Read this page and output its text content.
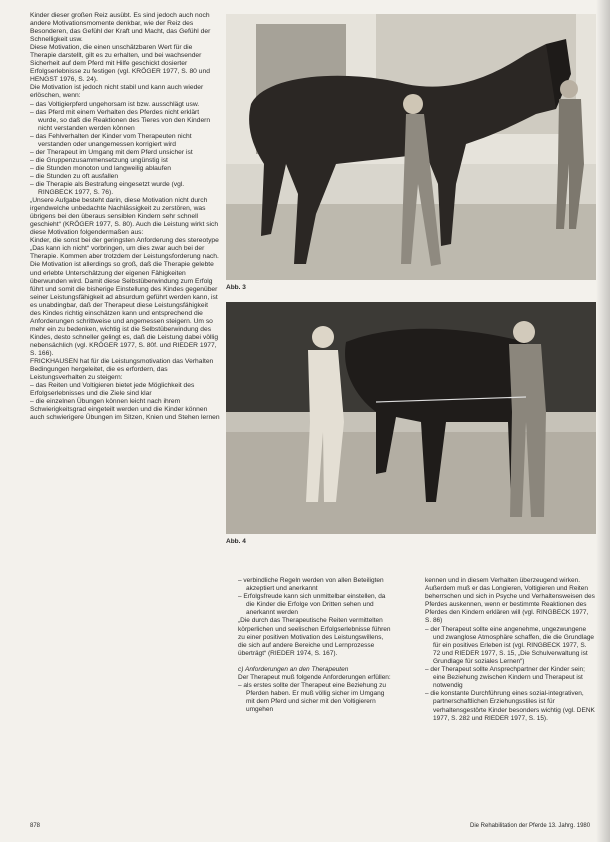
Kinder dieser großen Reiz ausübt. Es sind jedoch auch noch andere Motivationsmomente denkbar, wie der Reiz des Besonderen, das Gefühl der Kraft und Macht, das Gefühl der Schnelligkeit usw.

Diese Motivation, die einen unschätzbaren Wert für die Therapie darstellt, gilt es zu erhalten, und bei wachsender Sicherheit auf dem Pferd mit Hilfe geschickt dosierter Erfolgserlebnisse zu festigen (vgl. KRÖGER 1977, S. 80 und HENGST 1976, S. 24).

Die Motivation ist jedoch nicht stabil und kann auch wieder erlöschen, wenn:

– das Voltigierpferd ungehorsam ist bzw. ausschlägt usw.
– das Pferd mit einem Verhalten des Pferdes nicht erklärt wurde, so daß die Reaktionen des Tieres von den Kindern nicht verstanden werden können
– das Fehlverhalten der Kinder vom Therapeuten nicht verstanden oder unangemessen korrigiert wird
– der Therapeut im Umgang mit dem Pferd unsicher ist
– die Gruppenzusammensetzung ungünstig ist
– die Stunden monoton und langweilig ablaufen
– die Stunden zu oft ausfallen
– die Therapie als Bestrafung eingesetzt wurde (vgl. RINGBECK 1977, S. 76).

„Unsere Aufgabe besteht darin, diese Motivation nicht durch irgendwelche unbedachte Nachlässigkeit zu zerstören, was übrigens bei den überaus sensiblen Kindern sehr schnell geschieht“ (KRÖGER 1977, S. 80). Auch die Leistung wirkt sich diese Motivation folgendermaßen aus:

Kinder, die sonst bei der geringsten Anforderung des stereotype „Das kann ich nicht“ vorbringen, um dies zwar auch bei der Therapie. Kommen aber trotzdem der Leistungsforderung nach. Die Motivation ist allerdings so groß, daß die Therapie gelebte und erlebte Unterschätzung der eigenen Fähigkeiten überwunden wird. Damit diese Selbstüberwindung zum Erfolg führt und somit die bisherige Einstellung des Kindes gegenüber seiner Leistungsfähigkeit ad absurdum geführt werden kann, ist es unabdingbar, daß der Therapeut diese Leistungsfähigkeit des Kindes richtig einschätzen kann und entsprechend die Anforderungen schrittweise und angemessen steigern. Um so mehr ein zu bedenken, wichtig ist die Selbstüberwindung des Kindes, desto schneller gelingt es, daß die Leistung dabei völlig nebensächlich (vgl. KRÖGER 1977, S. 80f. und RIEDER 1977, S. 166).

FRICKHAUSEN hat für die Leistungsmotivation das Verhalten Bedingungen hergeleitet, die es erfordern, das Leistungsverhalten zu steigern:

– das Reiten und Voltigieren bietet jede Möglichkeit des Erfolgserlebnisses und die Ziele sind klar

– die einzelnen Übungen können leicht nach ihrem Schwierigkeitsgrad eingeteilt werden und die Kinder können auch schwierigere Übungen im Sitzen, Knien und Stehen lernen

Abb. 3
Abb. 4
– verbindliche Regeln werden von allen Beteiligten akzeptiert und anerkannt
– Erfolgsfreude kann sich unmittelbar einstellen, da die Kinder die Erfolge von Dritten sehen und anerkannt werden

„Die durch das Therapeutische Reiten vermittelten körperlichen und seelischen Erfolgserlebnisse führen zu einer positiven Motivation des Leistungswillens, die sich auf andere Bereiche und Lernprozesse überträgt“ (RIEDER 1974, S. 167).

c) Anforderungen an den Therapeuten

Der Therapeut muß folgende Anforderungen erfüllen:

– als erstes sollte der Therapeut eine Beziehung zu Pferden haben. Er muß völlig sicher im Umgang mit dem Pferd und sicher mit den Voltigierern umgehen

kennen und in diesem Verhalten überzeugend wirken. Außerdem muß er das Longieren, Voltigieren und Reiten beherrschen und sich in Psyche und Verhaltensweisen des Pferdes auskennen, wenn er bestimmte Reaktionen des Pferdes den Kindern erklären will (vgl. RINGBECK 1977, S. 86)

– der Therapeut sollte eine angenehme, ungezwungene und zwanglose Atmosphäre schaffen, die die Grundlage für ein positives Erleben ist (vgl. RINGBECK 1977, S. 72 und RIEDER 1977, S. 15, „Die Schulverwaltung ist Grundlage für soziales Lernen“)
– der Therapeut sollte Ansprechpartner der Kinder sein; eine Beziehung zwischen Kindern und Therapeut ist notwendig
– die konstante Durchführung eines sozial-integrativen, partnerschaftlichen Erziehungsstiles ist für verhaltensgestörte Kinder besonders wichtig (vgl. DENK 1977, S. 282 und RIEDER 1977, S. 15).
878	Die Rehabilitation der Pferde 13. Jahrg. 1980
